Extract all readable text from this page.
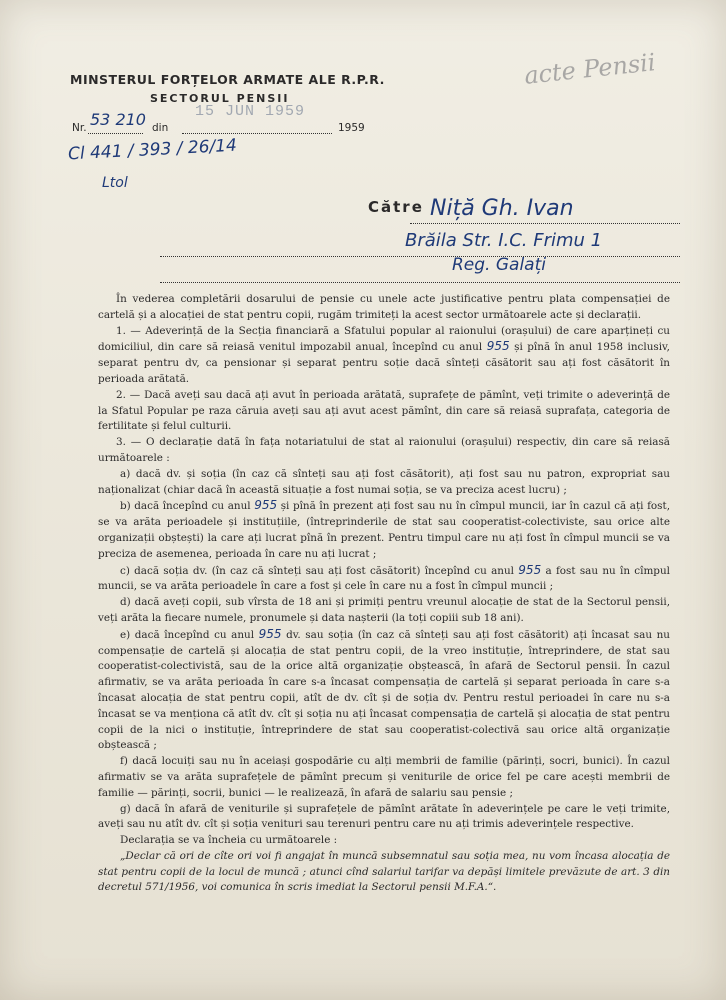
MINSTERUL FORȚELOR ARMATE ALE R.P.R.
SECTORUL PENSII
Nr. 53 210 din	1959
15 JUN 1959
Cl 441 / 393 / 26/14
Ltol
acte Pensii
Către Niță Gh. Ivan
Brăila Str. I.C. Frimu 1
Reg. Galați

În vederea completării dosarului de pensie cu unele acte justificative pentru plata compensației de cartelă și a alocației de stat pentru copii, rugăm trimiteți la acest sector următoarele acte și declarații.

1. — Adeverință de la Secția financiară a Sfatului popular al raionului (orașului) de care aparțineți cu domiciliul, din care să reiasă venitul impozabil anual, începînd cu anul 955 și pînă în anul 1958 inclusiv, separat pentru dv, ca pensionar și separat pentru soție dacă sînteți căsătorit sau ați fost căsătorit în perioada arătată.

2. — Dacă aveți sau dacă ați avut în perioada arătată, suprafețe de pămînt, veți trimite o adeverință de la Sfatul Popular pe raza căruia aveți sau ați avut acest pămînt, din care să reiasă suprafața, categoria de fertilitate și felul culturii.

3. — O declarație dată în fața notariatului de stat al raionului (orașului) respectiv, din care să reiasă următoarele :

a) dacă dv. și soția (în caz că sînteți sau ați fost căsătorit), ați fost sau nu patron, expropriat sau naționalizat (chiar dacă în această situație a fost numai soția, se va preciza acest lucru) ;

b) dacă începînd cu anul 955 și pînă în prezent ați fost sau nu în cîmpul muncii, iar în cazul că ați fost, se va arăta perioadele și instituțiile, (întreprinderile de stat sau cooperatist-colectiviste, sau orice alte organizații obștești) la care ați lucrat pînă în prezent. Pentru timpul care nu ați fost în cîmpul muncii se va preciza de asemenea, perioada în care nu ați lucrat ;

c) dacă soția dv. (în caz că sînteți sau ați fost căsătorit) începînd cu anul 955 a fost sau nu în cîmpul muncii, se va arăta perioadele în care a fost și cele în care nu a fost în cîmpul muncii ;

d) dacă aveți copii, sub vîrsta de 18 ani și primiți pentru vreunul alocație de stat de la Sectorul pensii, veți arăta la fiecare numele, pronumele și data nașterii (la toți copiii sub 18 ani).

e) dacă începînd cu anul 955 dv. sau soția (în caz că sînteți sau ați fost căsătorit) ați încasat sau nu compensație de cartelă și alocația de stat pentru copii, de la vreo instituție, întreprindere, de stat sau cooperatist-colectivistă, sau de la orice altă organizație obștească, în afară de Sectorul pensii. În cazul afirmativ, se va arăta perioada în care s-a încasat compensația de cartelă și separat perioada în care s-a încasat alocația de stat pentru copii, atît de dv. cît și de soția dv. Pentru restul perioadei în care nu s-a încasat se va menționa că atît dv. cît și soția nu ați încasat compensația de cartelă și alocația de stat pentru copii de la nici o instituție, întreprindere de stat sau cooperatist-colectivă sau orice altă organizație obștească ;

f) dacă locuiți sau nu în aceiași gospodărie cu alți membrii de familie (părinți, socri, bunici). În cazul afirmativ se va arăta suprafețele de pămînt precum și veniturile de orice fel pe care acești membrii de familie — părinți, socrii, bunici — le realizează, în afară de salariu sau pensie ;

g) dacă în afară de veniturile și suprafețele de pămînt arătate în adeverințele pe care le veți trimite, aveți sau nu atît dv. cît și soția venituri sau terenuri pentru care nu ați trimis adeverințele respective.

Declarația se va încheia cu următoarele :

„Declar că ori de cîte ori voi fi angajat în muncă subsemnatul sau soția mea, nu vom încasa alocația de stat pentru copii de la locul de muncă ; atunci cînd salariul tarifar va depăși limitele prevăzute de art. 3 din decretul 571/1956, voi comunica în scris imediat la Sectorul pensii M.F.A.“.
